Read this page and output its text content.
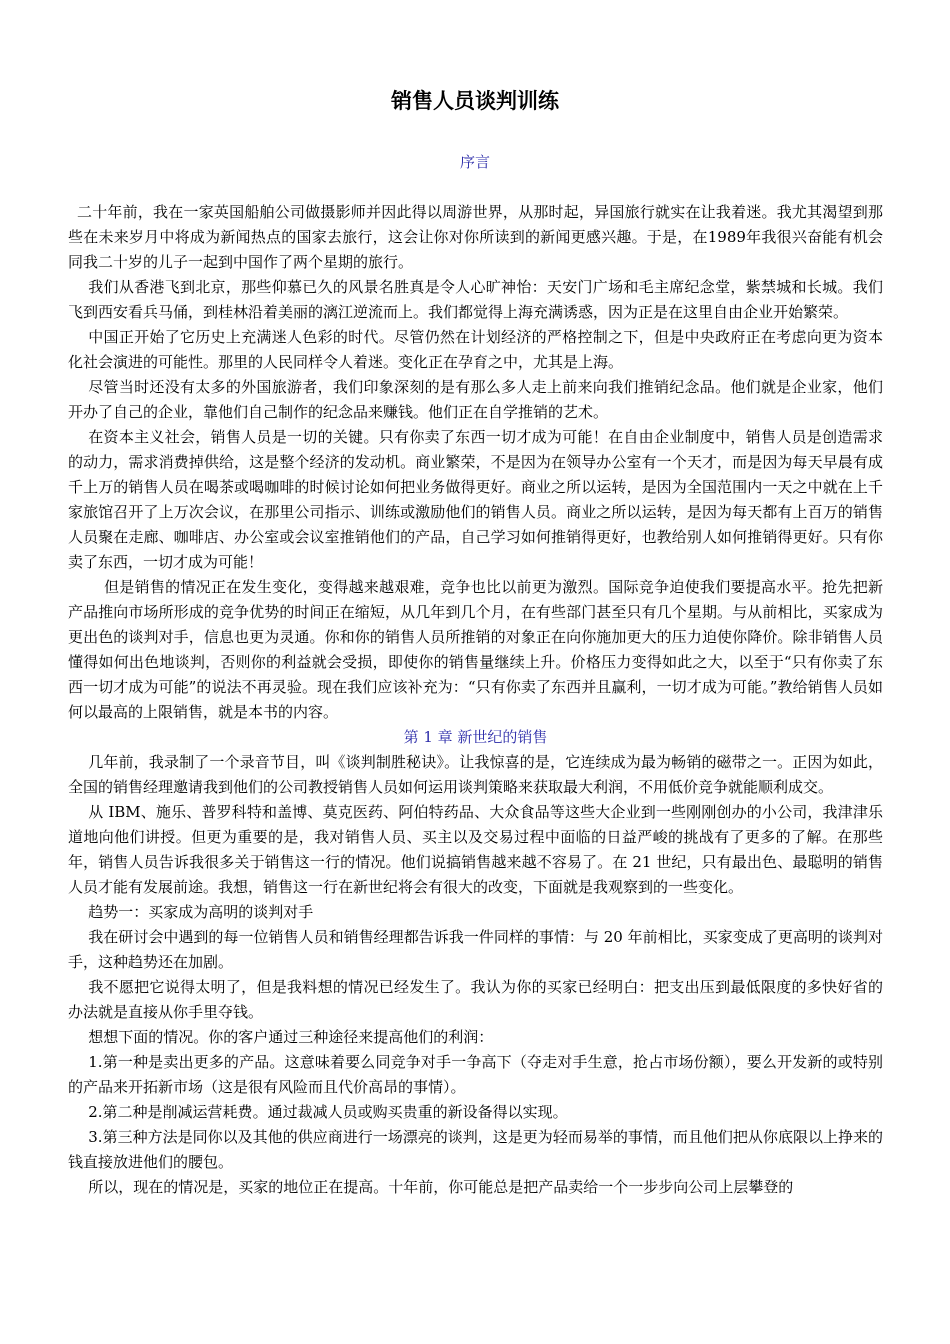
销售人员谈判训练
序言

二十年前，我在一家英国船舶公司做摄影师并因此得以周游世界，从那时起，异国旅行就实在让我着迷。我尤其渴望到那些在未来岁月中将成为新闻热点的国家去旅行，这会让你对你所读到的新闻更感兴趣。于是，在1989年我很兴奋能有机会同我二十岁的儿子一起到中国作了两个星期的旅行。

我们从香港飞到北京，那些仰慕已久的风景名胜真是令人心旷神怡：天安门广场和毛主席纪念堂，紫禁城和长城。我们飞到西安看兵马俑，到桂林沿着美丽的漓江逆流而上。我们都觉得上海充满诱惑，因为正是在这里自由企业开始繁荣。

中国正开始了它历史上充满迷人色彩的时代。尽管仍然在计划经济的严格控制之下，但是中央政府正在考虑向更为资本化社会演进的可能性。那里的人民同样令人着迷。变化正在孕育之中，尤其是上海。

尽管当时还没有太多的外国旅游者，我们印象深刻的是有那么多人走上前来向我们推销纪念品。他们就是企业家，他们开办了自己的企业，靠他们自己制作的纪念品来赚钱。他们正在自学推销的艺术。

在资本主义社会，销售人员是一切的关键。只有你卖了东西一切才成为可能！在自由企业制度中，销售人员是创造需求的动力，需求消费掉供给，这是整个经济的发动机。商业繁荣，不是因为在领导办公室有一个天才，而是因为每天早晨有成千上万的销售人员在喝茶或喝咖啡的时候讨论如何把业务做得更好。商业之所以运转，是因为全国范围内一天之中就在上千家旅馆召开了上万次会议，在那里公司指示、训练或激励他们的销售人员。商业之所以运转，是因为每天都有上百万的销售人员聚在走廊、咖啡店、办公室或会议室推销他们的产品，自己学习如何推销得更好，也教给别人如何推销得更好。只有你卖了东西，一切才成为可能！

但是销售的情况正在发生变化，变得越来越艰难，竞争也比以前更为激烈。国际竞争迫使我们要提高水平。抢先把新产品推向市场所形成的竞争优势的时间正在缩短，从几年到几个月，在有些部门甚至只有几个星期。与从前相比，买家成为更出色的谈判对手，信息也更为灵通。你和你的销售人员所推销的对象正在向你施加更大的压力迫使你降价。除非销售人员懂得如何出色地谈判，否则你的利益就会受损，即使你的销售量继续上升。价格压力变得如此之大，以至于“只有你卖了东西一切才成为可能”的说法不再灵验。现在我们应该补充为：“只有你卖了东西并且赢利，一切才成为可能。”教给销售人员如何以最高的上限销售，就是本书的内容。

第 1 章 新世纪的销售

几年前，我录制了一个录音节目，叫《谈判制胜秘诀》。让我惊喜的是，它连续成为最为畅销的磁带之一。正因为如此，全国的销售经理邀请我到他们的公司教授销售人员如何运用谈判策略来获取最大利润，不用低价竞争就能顺利成交。

从 IBM、施乐、普罗科特和盖博、莫克医药、阿伯特药品、大众食品等这些大企业到一些刚刚创办的小公司，我津津乐道地向他们讲授。但更为重要的是，我对销售人员、买主以及交易过程中面临的日益严峻的挑战有了更多的了解。在那些年，销售人员告诉我很多关于销售这一行的情况。他们说搞销售越来越不容易了。在 21 世纪，只有最出色、最聪明的销售人员才能有发展前途。我想，销售这一行在新世纪将会有很大的改变，下面就是我观察到的一些变化。

趋势一：买家成为高明的谈判对手

我在研讨会中遇到的每一位销售人员和销售经理都告诉我一件同样的事情：与 20 年前相比，买家变成了更高明的谈判对手，这种趋势还在加剧。

我不愿把它说得太明了，但是我料想的情况已经发生了。我认为你的买家已经明白：把支出压到最低限度的多快好省的办法就是直接从你手里夺钱。

想想下面的情况。你的客户通过三种途径来提高他们的利润：

1.第一种是卖出更多的产品。这意味着要么同竞争对手一争高下（夺走对手生意，抢占市场份额），要么开发新的或特别的产品来开拓新市场（这是很有风险而且代价高昂的事情）。

2.第二种是削减运营耗费。通过裁减人员或购买贵重的新设备得以实现。

3.第三种方法是同你以及其他的供应商进行一场漂亮的谈判，这是更为轻而易举的事情，而且他们把从你底限以上挣来的钱直接放进他们的腰包。

所以，现在的情况是，买家的地位正在提高。十年前，你可能总是把产品卖给一个一步步向公司上层攀登的
